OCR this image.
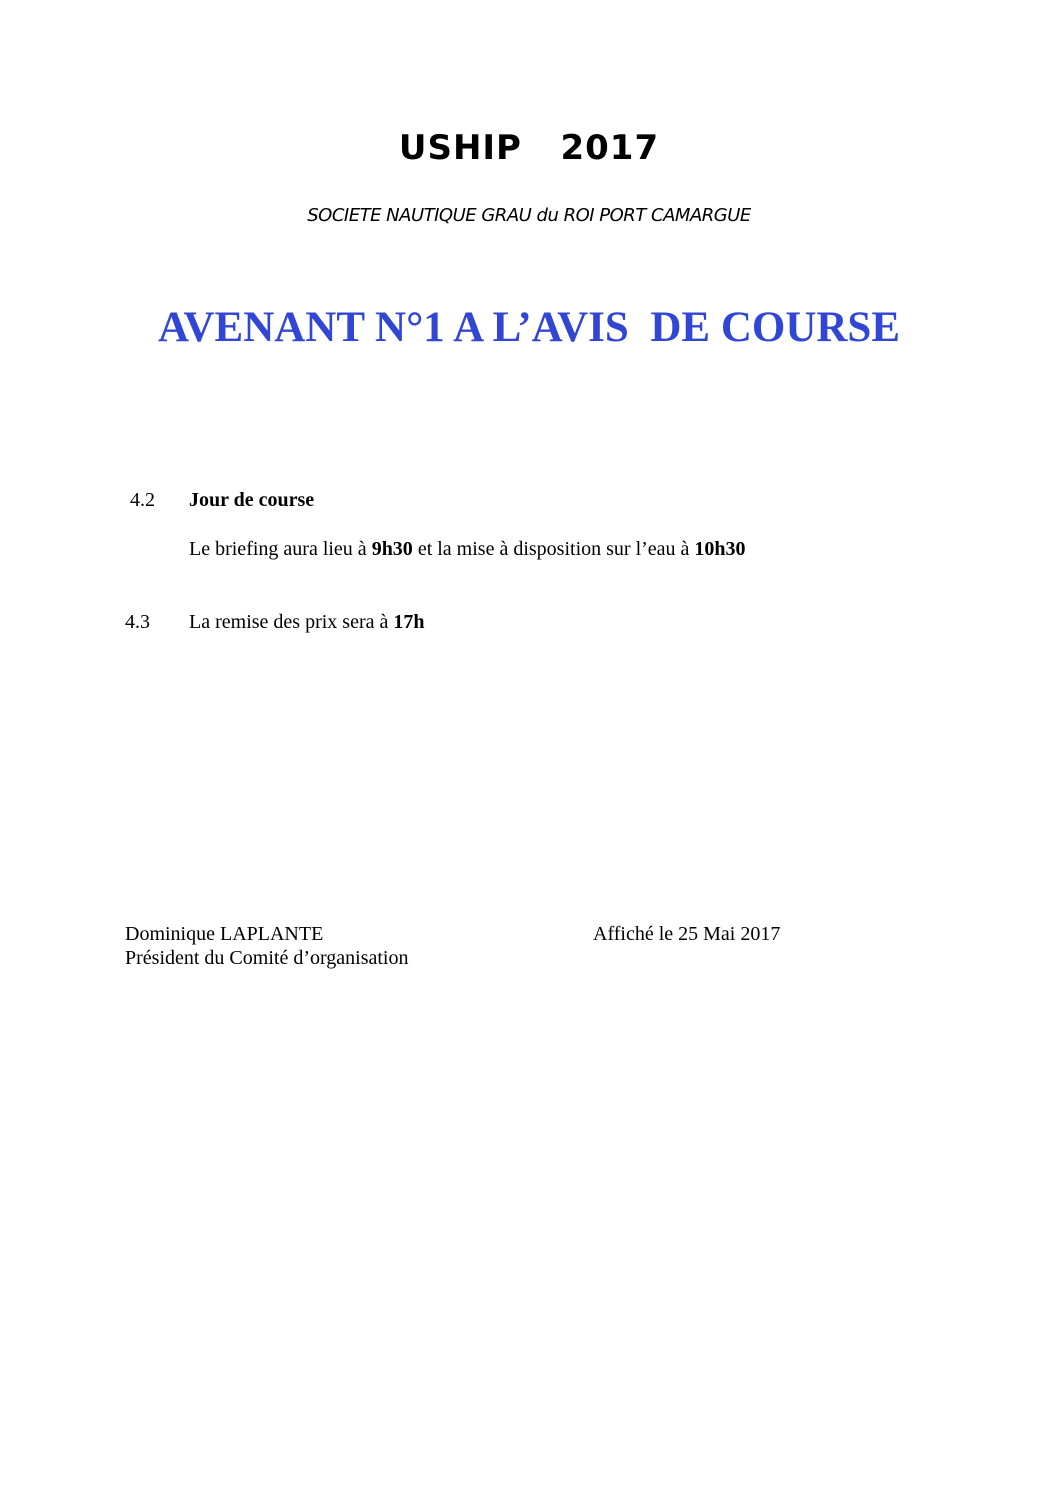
USHIP   2017
SOCIETE NAUTIQUE GRAU du ROI PORT CAMARGUE
AVENANT N°1 A L’AVIS  DE COURSE
4.2 Jour de course
Le briefing aura lieu à 9h30 et la mise à disposition sur l’eau à 10h30
4.3 La remise des prix sera à 17h
Dominique LAPLANTE
Président du Comité d’organisation
Affiché le 25 Mai 2017
